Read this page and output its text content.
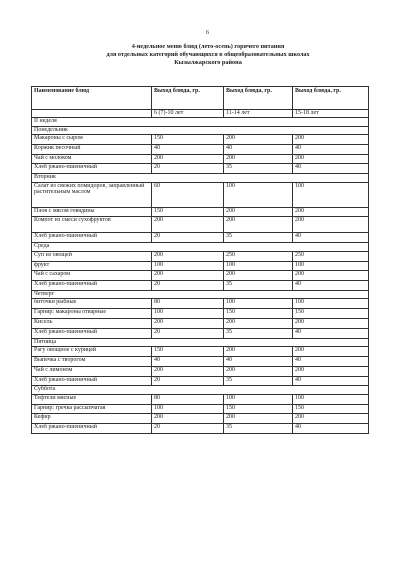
6
4-недельное меню блюд (лето-осень) горячего питания
для отдельных категорий обучающихся в общеобразовательных школах
Кызылжарского района
Наименование блюд	Выход блюда, гр.	Выход блюда, гр.	Выход блюда, гр.
	6 (7)-10 лет	11-14 лет	15-18 лет
II неделя			
Понедельник			
Макароны с сыром	150	200	200
Коржик песочный	40	40	40
Чай с молоком	200	200	200
Хлеб ржано-пшеничный	20	35	40
Вторник			
Салат из свежих помидоров, заправленный растительным маслом	60	100	100
Плов с мясом говядины	150	200	200
Компот из смеси сухофруктов	200	200	200
Хлеб ржано-пшеничный	20	35	40
Среда			
Суп из овощей	200	250	250
фрукт	100	100	100
Чай с сахаром	200	200	200
Хлеб ржано-пшеничный	20	35	40
Четверг			
биточки рыбные	80	100	100
Гарнир: макароны отварные	100	150	150
Кисель	200	200	200
Хлеб ржано-пшеничный	20	35	40
Пятница			
Рагу овощное с курицей	150	200	200
Выпечка с творогом	40	40	40
Чай с лимоном	200	200	200
Хлеб ржано-пшеничный	20	35	40
Суббота			
Тефтели мясные	80	100	100
Гарнир: гречка рассыпчатая	100	150	150
Кефир	200	200	200
Хлеб ржано-пшеничный	20	35	40
